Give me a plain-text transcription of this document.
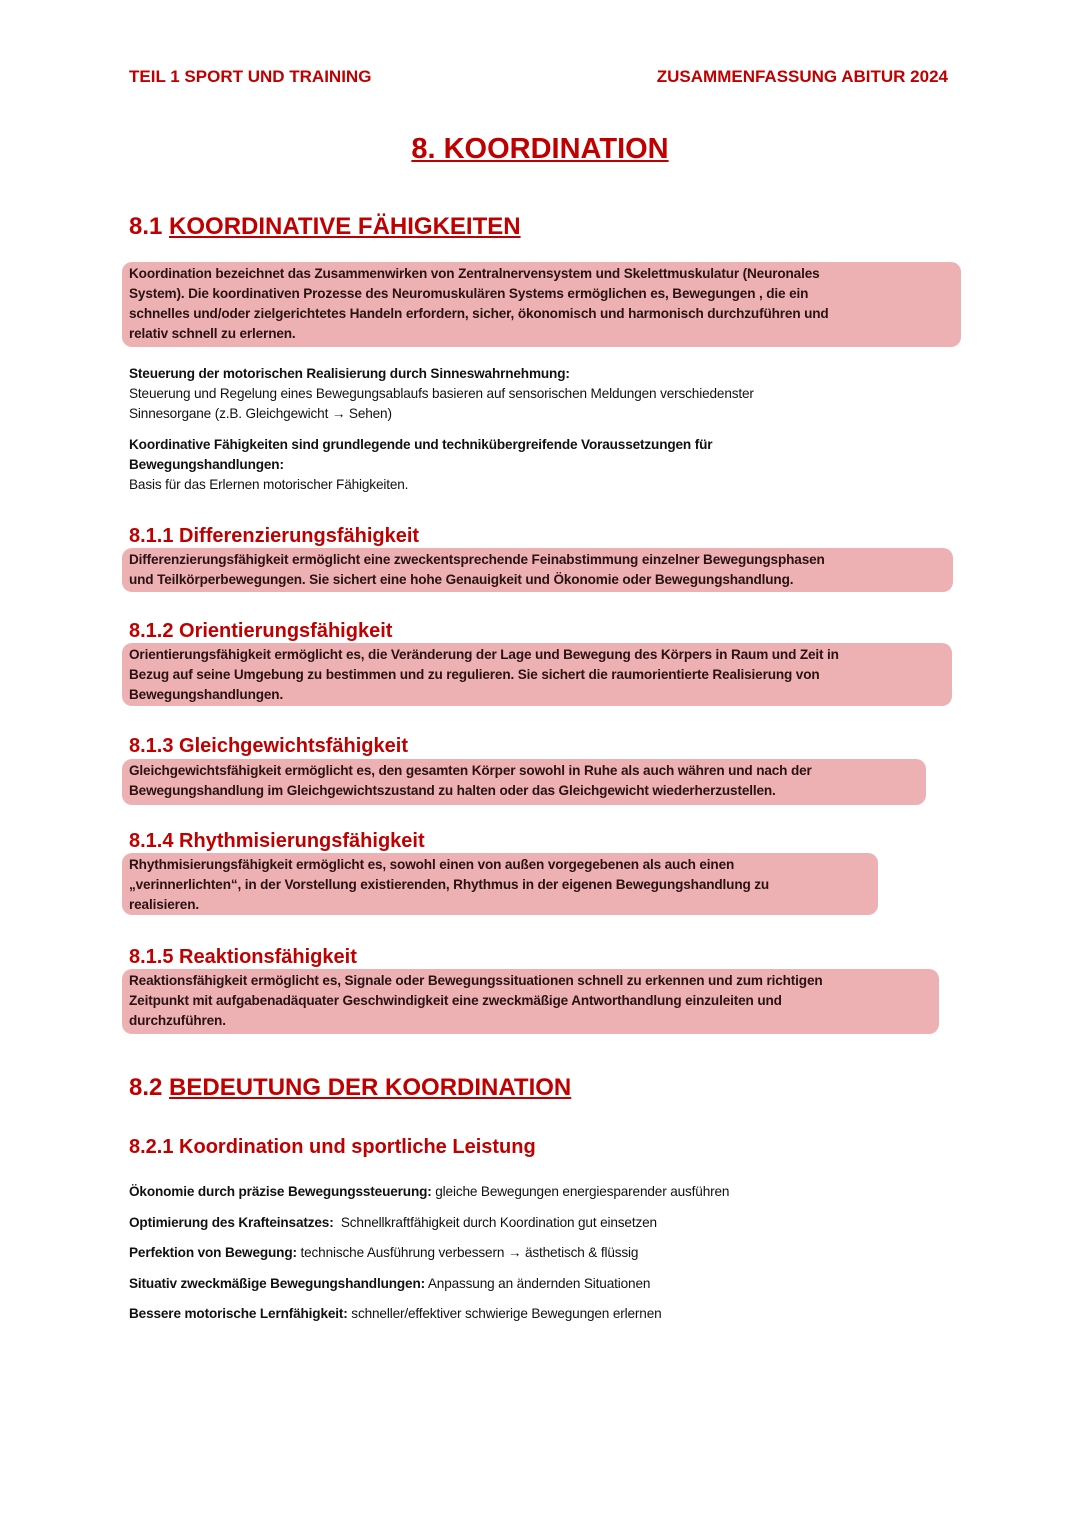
TEIL 1 SPORT UND TRAINING	ZUSAMMENFASSUNG ABITUR 2024
8. KOORDINATION
8.1 KOORDINATIVE FÄHIGKEITEN
Koordination bezeichnet das Zusammenwirken von Zentralnervensystem und Skelettmuskulatur (Neuronales
System). Die koordinativen Prozesse des Neuromuskulären Systems ermöglichen es, Bewegungen , die ein
schnelles und/oder zielgerichtetes Handeln erfordern, sicher, ökonomisch und harmonisch durchzuführen und
relativ schnell zu erlernen.
Steuerung der motorischen Realisierung durch Sinneswahrnehmung:
Steuerung und Regelung eines Bewegungsablaufs basieren auf sensorischen Meldungen verschiedenster
Sinnesorgane (z.B. Gleichgewicht → Sehen)
Koordinative Fähigkeiten sind grundlegende und technikübergreifende Voraussetzungen für
Bewegungshandlungen:
Basis für das Erlernen motorischer Fähigkeiten.
8.1.1 Differenzierungsfähigkeit
Differenzierungsfähigkeit ermöglicht eine zweckentsprechende Feinabstimmung einzelner Bewegungsphasen
und Teilkörperbewegungen. Sie sichert eine hohe Genauigkeit und Ökonomie oder Bewegungshandlung.
8.1.2 Orientierungsfähigkeit
Orientierungsfähigkeit ermöglicht es, die Veränderung der Lage und Bewegung des Körpers in Raum und Zeit in
Bezug auf seine Umgebung zu bestimmen und zu regulieren. Sie sichert die raumorientierte Realisierung von
Bewegungshandlungen.
8.1.3 Gleichgewichtsfähigkeit
Gleichgewichtsfähigkeit ermöglicht es, den gesamten Körper sowohl in Ruhe als auch währen und nach der
Bewegungshandlung im Gleichgewichtszustand zu halten oder das Gleichgewicht wiederherzustellen.
8.1.4 Rhythmisierungsfähigkeit
Rhythmisierungsfähigkeit ermöglicht es, sowohl einen von außen vorgegebenen als auch einen
„verinnerlichten“, in der Vorstellung existierenden, Rhythmus in der eigenen Bewegungshandlung zu
realisieren.
8.1.5 Reaktionsfähigkeit
Reaktionsfähigkeit ermöglicht es, Signale oder Bewegungssituationen schnell zu erkennen und zum richtigen
Zeitpunkt mit aufgabenadäquater Geschwindigkeit eine zweckmäßige Antworthandlung einzuleiten und
durchzuführen.
8.2 BEDEUTUNG DER KOORDINATION
8.2.1 Koordination und sportliche Leistung
Ökonomie durch präzise Bewegungssteuerung: gleiche Bewegungen energiesparender ausführen
Optimierung des Krafteinsatzes:  Schnellkraftfähigkeit durch Koordination gut einsetzen
Perfektion von Bewegung: technische Ausführung verbessern → ästhetisch & flüssig
Situativ zweckmäßige Bewegungshandlungen: Anpassung an ändernden Situationen
Bessere motorische Lernfähigkeit: schneller/effektiver schwierige Bewegungen erlernen
